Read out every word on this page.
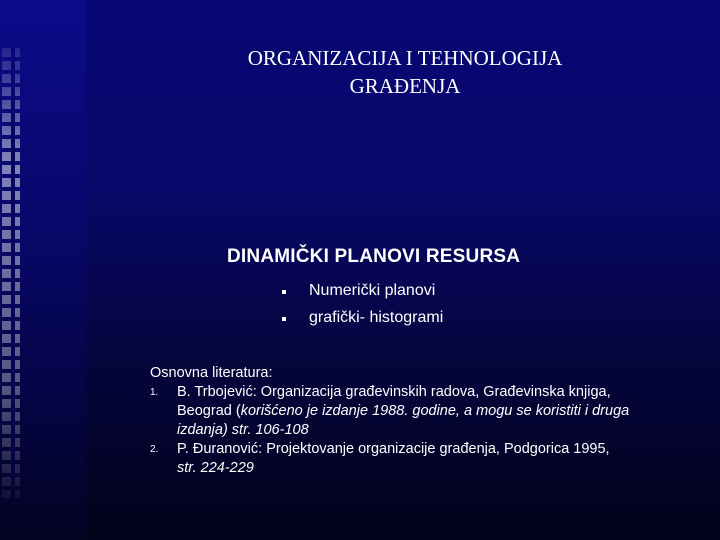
ORGANIZACIJA I TEHNOLOGIJA
GRAĐENJA
DINAMIČKI PLANOVI RESURSA
Numerički planovi
grafički- histogrami
Osnovna literatura:
1. B. Trbojević: Organizacija građevinskih radova, Građevinska knjiga, Beograd (korišćeno je izdanje 1988. godine, a mogu se koristiti i druga izdanja) str. 106-108
2. P. Đuranović: Projektovanje organizacije građenja, Podgorica 1995, str. 224-229
